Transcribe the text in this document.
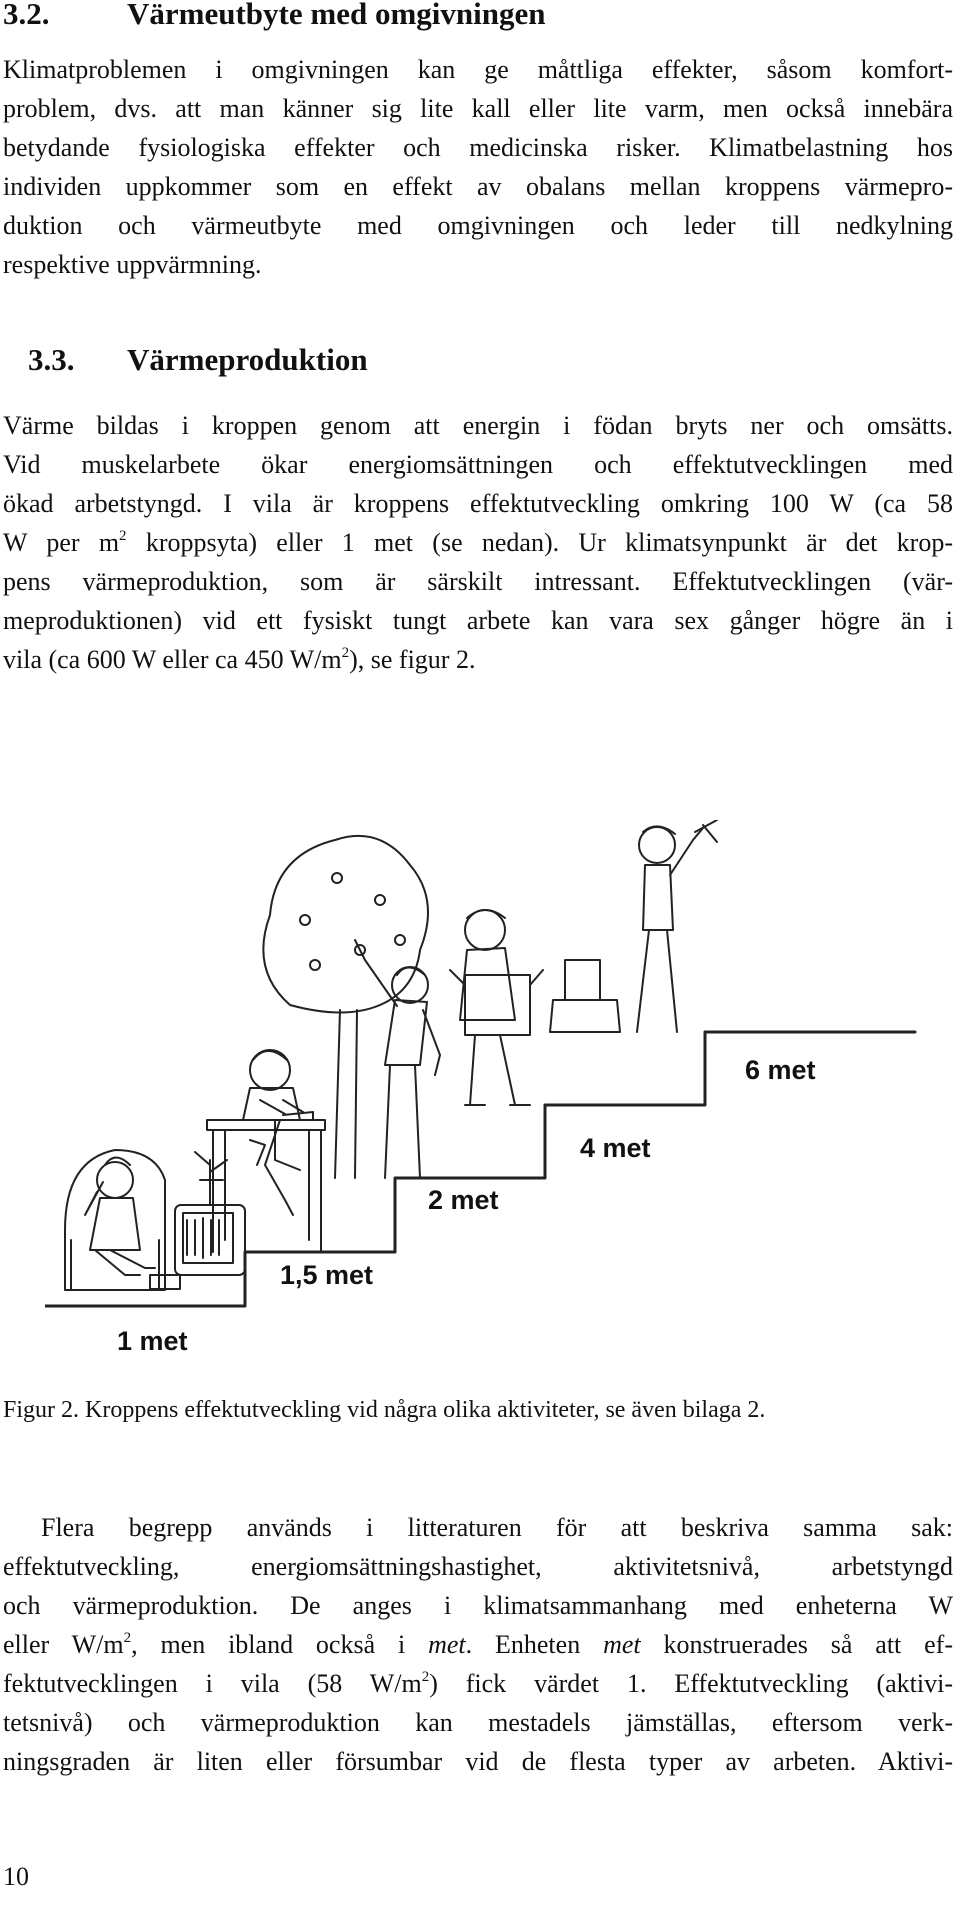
3.2.	Värmeutbyte med omgivningen
Klimatproblemen i omgivningen kan ge måttliga effekter, såsom komfort-
problem, dvs. att man känner sig lite kall eller lite varm, men också innebära
betydande fysiologiska effekter och medicinska risker. Klimatbelastning hos
individen uppkommer som en effekt av obalans mellan kroppens värmepro-
duktion och värmeutbyte med omgivningen och leder till nedkylning
respektive uppvärmning.
3.3. Värmeproduktion
Värme bildas i kroppen genom att energin i födan bryts ner och omsätts.
Vid muskelarbete ökar energiomsättningen och effektutvecklingen med
ökad arbetstyngd. I vila är kroppens effektutveckling omkring 100 W (ca 58
W per $m^2$ kroppsyta) eller 1 met (se nedan). Ur klimatsynpunkt är det krop-
pens värmeproduktion, som är särskilt intressant. Effektutvecklingen (vär-
meproduktionen) vid ett fysiskt tungt arbete kan vara sex gånger högre än i
vila (ca 600 W eller ca 450 $W/m^2$), se figur 2.
1 met
1,5 met
2 met
4 met
6 met
Figur 2. Kroppens effektutveckling vid några olika aktiviteter, se även bilaga 2.
Flera begrepp används i litteraturen för att beskriva samma sak:
effektutveckling, energiomsättningshastighet, aktivitetsnivå, arbetstyngd
och värmeproduktion. De anges i klimatsammanhang med enheterna W
eller $W/m^2$, men ibland också i met. Enheten met konstruerades så att ef-
fektutvecklingen i vila (58 $W/m^2$) fick värdet 1. Effektutveckling (aktivi-
tetsnivå) och värmeproduktion kan mestadels jämställas, eftersom verk-
ningsgraden är liten eller försumbar vid de flesta typer av arbeten. Aktivi-
10
